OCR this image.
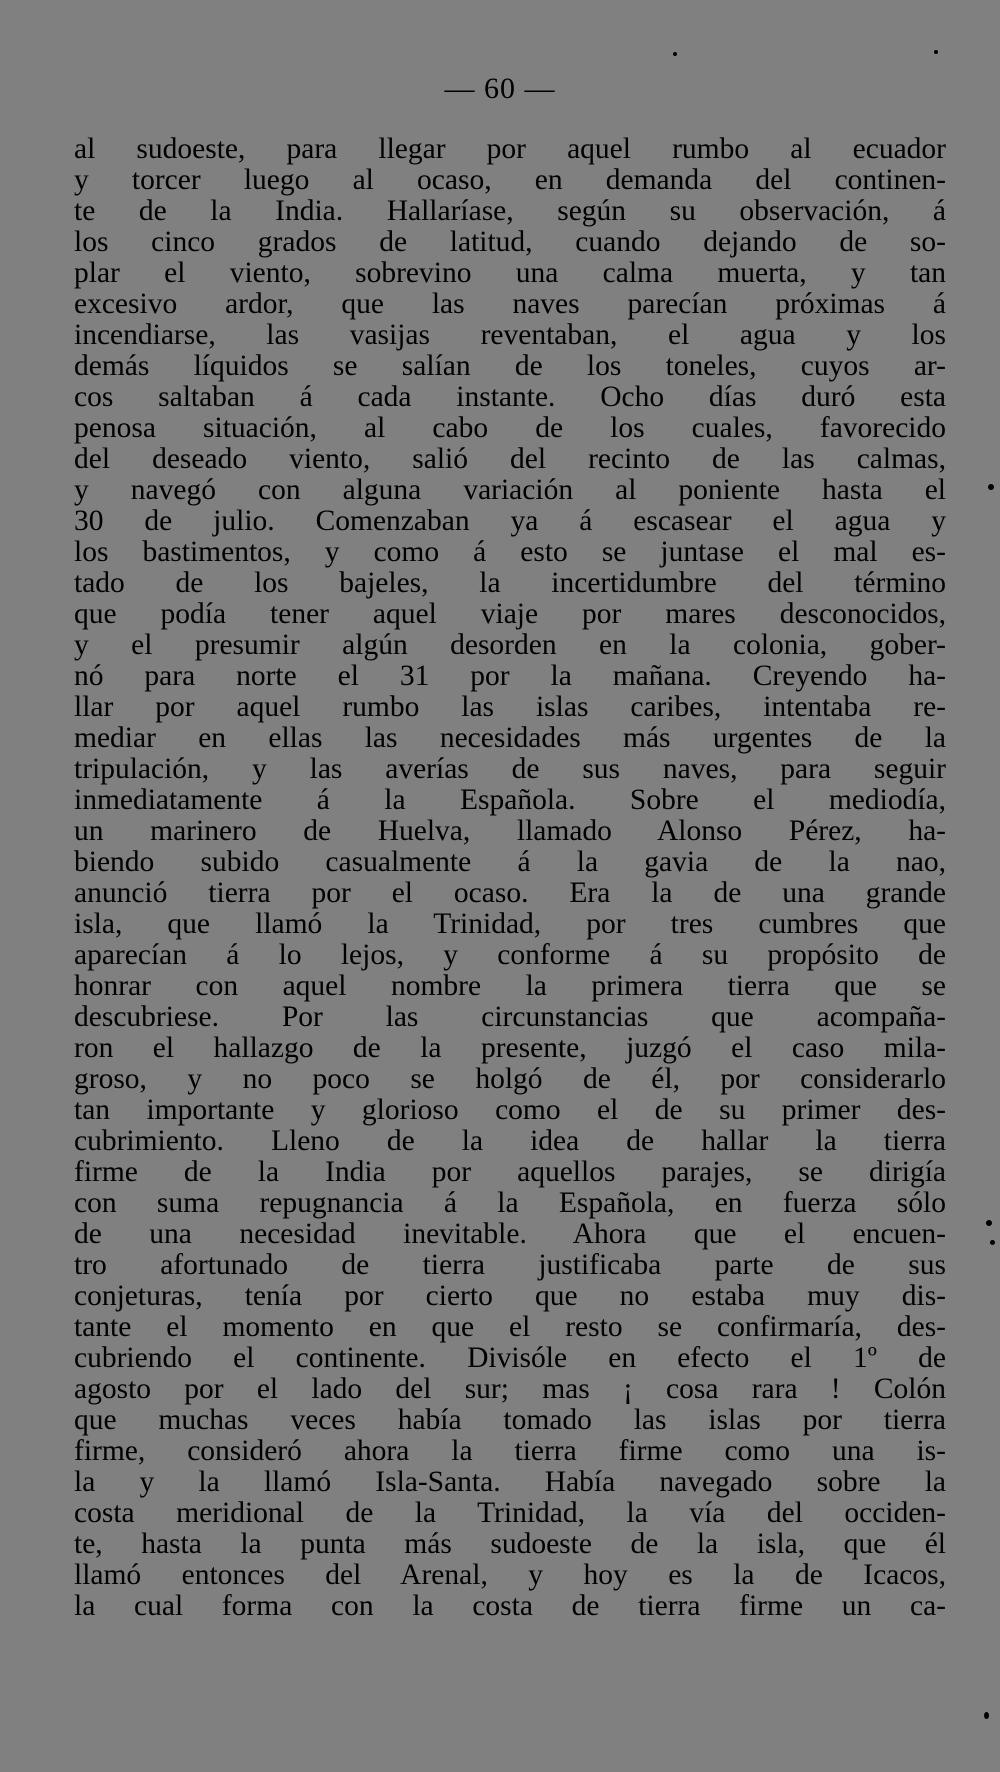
— 60 —
al sudoeste, para llegar por aquel rumbo al ecuador
y torcer luego al ocaso, en demanda del continen-
te de la India. Hallaríase, según su observación, á
los cinco grados de latitud, cuando dejando de so-
plar el viento, sobrevino una calma muerta, y tan
excesivo ardor, que las naves parecían próximas á
incendiarse, las vasijas reventaban, el agua y los
demás líquidos se salían de los toneles, cuyos ar-
cos saltaban á cada instante. Ocho días duró esta
penosa situación, al cabo de los cuales, favorecido
del deseado viento, salió del recinto de las calmas,
y navegó con alguna variación al poniente hasta el
30 de julio. Comenzaban ya á escasear el agua y
los bastimentos, y como á esto se juntase el mal es-
tado de los bajeles, la incertidumbre del término
que podía tener aquel viaje por mares desconocidos,
y el presumir algún desorden en la colonia, gober-
nó para norte el 31 por la mañana. Creyendo ha-
llar por aquel rumbo las islas caribes, intentaba re-
mediar en ellas las necesidades más urgentes de la
tripulación, y las averías de sus naves, para seguir
inmediatamente á la Española. Sobre el mediodía,
un marinero de Huelva, llamado Alonso Pérez, ha-
biendo subido casualmente á la gavia de la nao,
anunció tierra por el ocaso. Era la de una grande
isla, que llamó la Trinidad, por tres cumbres que
aparecían á lo lejos, y conforme á su propósito de
honrar con aquel nombre la primera tierra que se
descubriese. Por las circunstancias que acompaña-
ron el hallazgo de la presente, juzgó el caso mila-
groso, y no poco se holgó de él, por considerarlo
tan importante y glorioso como el de su primer des-
cubrimiento. Lleno de la idea de hallar la tierra
firme de la India por aquellos parajes, se dirigía
con suma repugnancia á la Española, en fuerza sólo
de una necesidad inevitable. Ahora que el encuen-
tro afortunado de tierra justificaba parte de sus
conjeturas, tenía por cierto que no estaba muy dis-
tante el momento en que el resto se confirmaría, des-
cubriendo el continente. Divisóle en efecto el 1º de
agosto por el lado del sur; mas ¡ cosa rara ! Colón
que muchas veces había tomado las islas por tierra
firme, consideró ahora la tierra firme como una is-
la y la llamó Isla-Santa. Había navegado sobre la
costa meridional de la Trinidad, la vía del occiden-
te, hasta la punta más sudoeste de la isla, que él
llamó entonces del Arenal, y hoy es la de Icacos,
la cual forma con la costa de tierra firme un ca-
